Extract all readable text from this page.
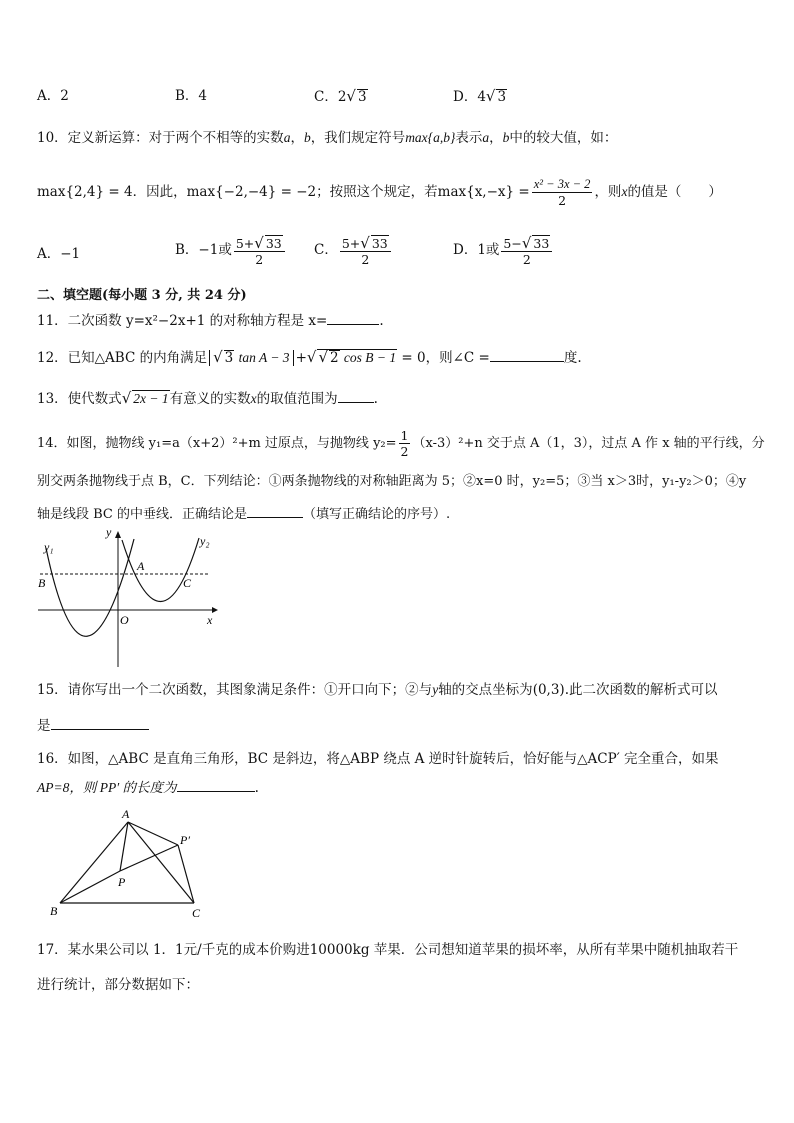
A．2	B．4	C．2√ 3	D．4√ 3
10．定义新运算：对于两个不相等的实数a，b，我们规定符号max{a,b}表示a，b中的较大值，如：
max{2,4} = 4．因此，max{−2,−4} = −2；按照这个规定，若$\max\{x,-x\} = \frac{\text{x² − 3x − 2}}{2}$ ，则x的值是（　　）
A．−1	B．−1或 $\frac{5+√ 33}{2}$ C． $\frac{5+√ 33}{2}$	D．1或 $\frac{5-√ 33}{2}$
二、填空题(每小题 3 分, 共 24 分)
11．二次函数 y=x²−2x+1 的对称轴方程是 x=	.
12．已知△ABC 的内角满足 √ 3 tan A − 3 +√ √ 2 cos B − 1 = 0，则∠C =	度.
13．使代数式√ 2x − 1有意义的实数x的取值范围为	.
14．如图，抛物线 y₁=a（x+2）²+m 过原点，与抛物线 $y_2= \frac{1}{2} (x-3)^2+n$ 交于点 A（1，3），过点 A 作 x 轴的平行线，分
别交两条抛物线于点 B，C．下列结论：①两条抛物线的对称轴距离为 5；②x=0 时，y₂=5；③当 x＞3时，y₁-y₂＞0；④y
轴是线段 BC 的中垂线．正确结论是	（填写正确结论的序号）.
y₁	y₂
y
x
O
A
B	C
15．请你写出一个二次函数，其图象满足条件：①开口向下；②与y轴的交点坐标为(0,3).此二次函数的解析式可以
是
16．如图，△ABC 是直角三角形，BC 是斜边，将△ABP 绕点 A 逆时针旋转后，恰好能与△ACP′ 完全重合，如果
AP=8，则 PP′ 的长度为	.
A
B	C
P
P′
17．某水果公司以 1．1元/千克的成本价购进10000kg 苹果．公司想知道苹果的损坏率，从所有苹果中随机抽取若干
进行统计，部分数据如下：
